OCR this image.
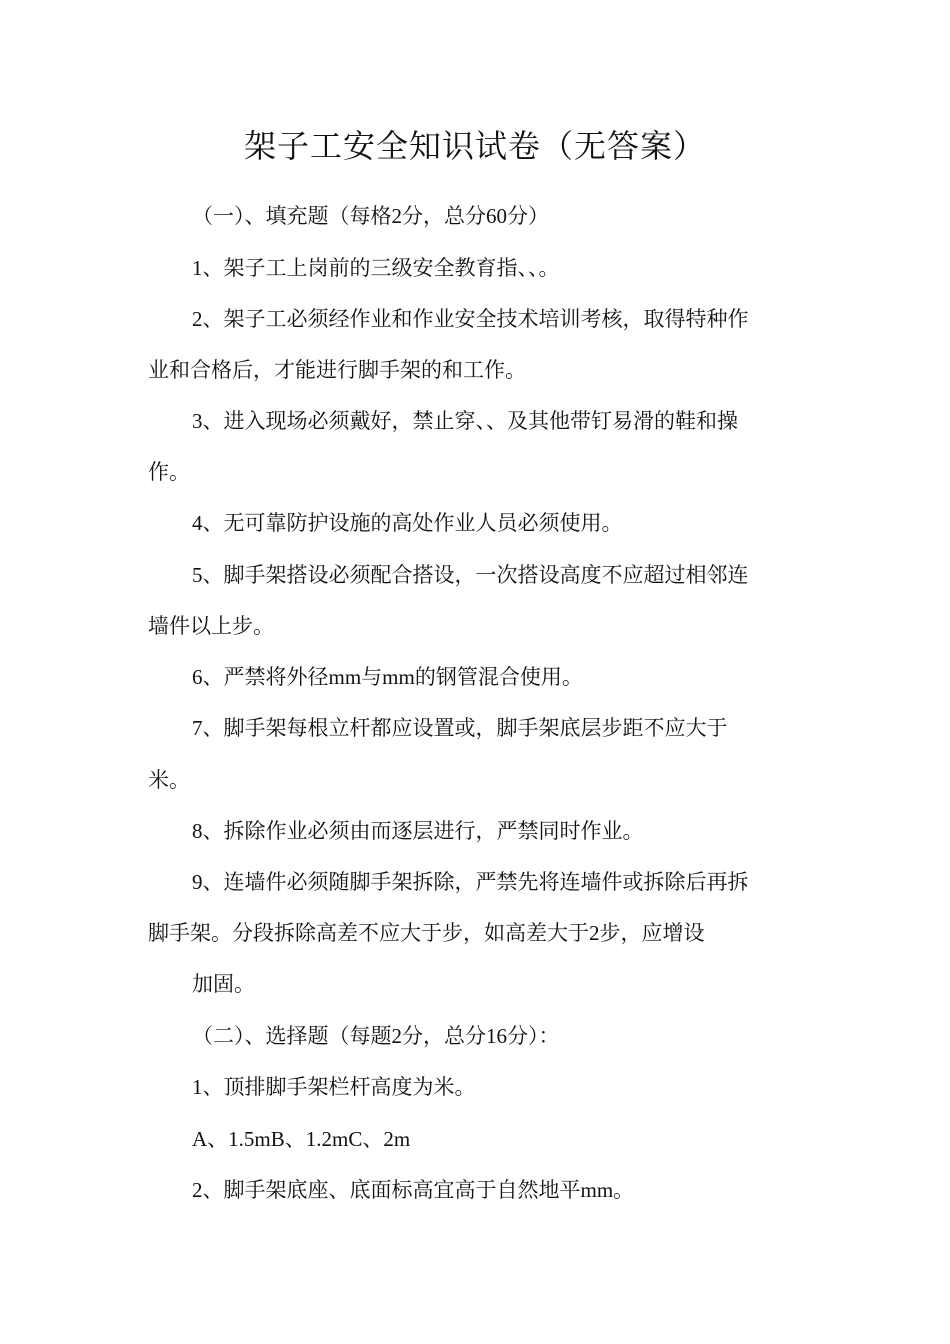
架子工安全知识试卷（无答案）
（一）、填充题（每格2分，总分60分）
1、架子工上岗前的三级安全教育指、、。
2、架子工必须经作业和作业安全技术培训考核，取得特种作
业和合格后，才能进行脚手架的和工作。
3、进入现场必须戴好，禁止穿、、及其他带钉易滑的鞋和操
作。
4、无可靠防护设施的高处作业人员必须使用。
5、脚手架搭设必须配合搭设，一次搭设高度不应超过相邻连
墙件以上步。
6、严禁将外径mm与mm的钢管混合使用。
7、脚手架每根立杆都应设置或，脚手架底层步距不应大于
米。
8、拆除作业必须由而逐层进行，严禁同时作业。
9、连墙件必须随脚手架拆除，严禁先将连墙件或拆除后再拆
脚手架。分段拆除高差不应大于步，如高差大于2步，应增设
加固。
（二）、选择题（每题2分，总分16分）：
1、顶排脚手架栏杆高度为米。
A、1.5mB、1.2mC、2m
2、脚手架底座、底面标高宜高于自然地平mm。
